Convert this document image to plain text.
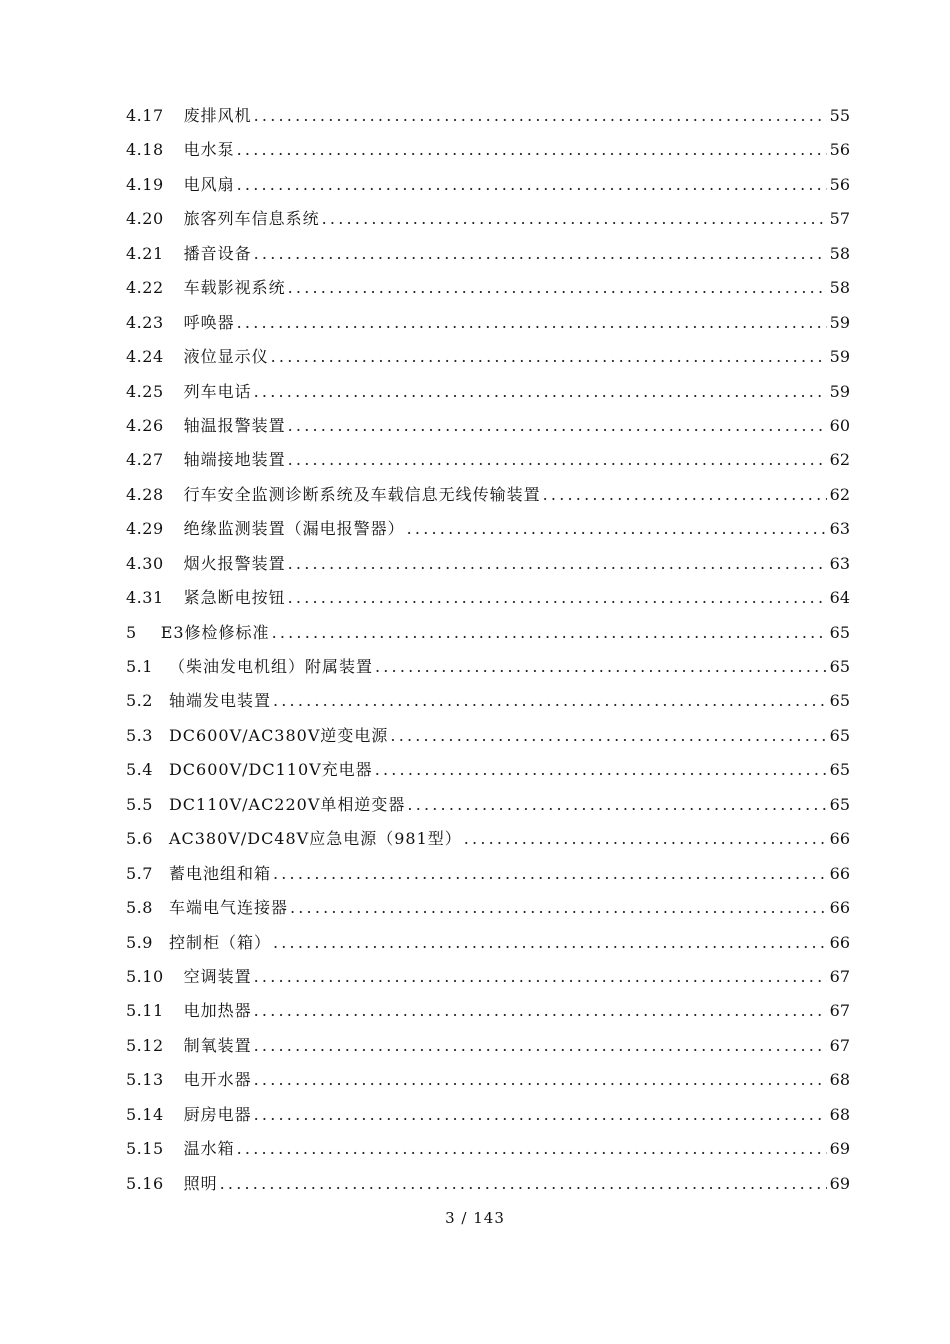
4.17 废排风机 .....	55
4.18 电水泵 .....	56
4.19 电风扇 .....	56
4.20 旅客列车信息系统 .....	57
4.21 播音设备 .....	58
4.22 车载影视系统 .....	58
4.23 呼唤器 .....	59
4.24 液位显示仪 .....	59
4.25 列车电话 .....	59
4.26 轴温报警装置 .....	60
4.27 轴端接地装置 .....	62
4.28 行车安全监测诊断系统及车载信息无线传输装置 .....	62
4.29 绝缘监测装置（漏电报警器） .....	63
4.30 烟火报警装置 .....	63
4.31 紧急断电按钮 .....	64
5 E3修检修标准 .....	65
5.1 （柴油发电机组）附属装置 .....	65
5.2 轴端发电装置 .....	65
5.3 DC600V/AC380V逆变电源 .....	65
5.4 DC600V/DC110V充电器 .....	65
5.5 DC110V/AC220V单相逆变器 .....	65
5.6 AC380V/DC48V应急电源（981型） .....	66
5.7 蓄电池组和箱 .....	66
5.8 车端电气连接器 .....	66
5.9 控制柜（箱） .....	66
5.10 空调装置 .....	67
5.11 电加热器 .....	67
5.12 制氧装置 .....	67
5.13 电开水器 .....	68
5.14 厨房电器 .....	68
5.15 温水箱 .....	69
5.16 照明 .....	69
3 / 143
